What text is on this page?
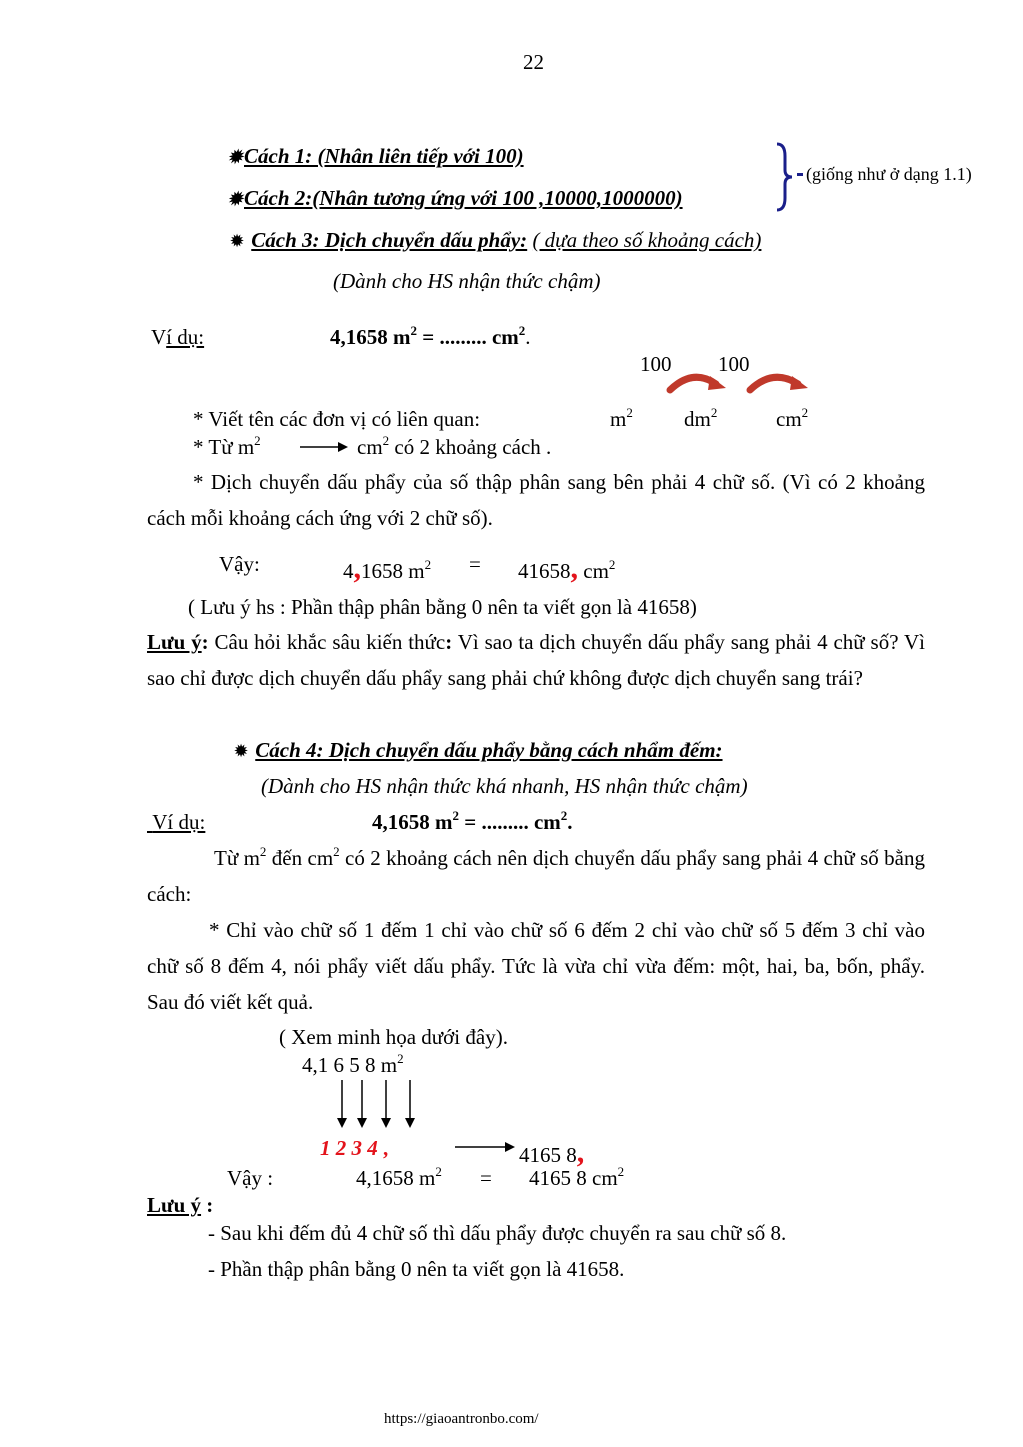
22
✹Cách 1: (Nhân liên tiếp với 100)
✹Cách 2:(Nhân tương ứng với 100 ,10000,1000000)
(giống như ở dạng 1.1)
✹ Cách 3: Dịch chuyển dấu phẩy: ( dựa theo số khoảng cách)
(Dành cho HS nhận thức chậm)
Ví dụ:	4,1658 $m^2$ = ......... $cm^2$.
100 100
* Viết tên các đơn vị có liên quan:	$m^2$ $dm^2$	$cm^2$
* Từ $m^2$	$cm^2$ có 2 khoảng cách .
* Dịch chuyển dấu phẩy của số thập phân sang bên phải 4 chữ số. (Vì có 2 khoảng cách mỗi khoảng cách ứng với 2 chữ số).
Vậy:	4,1658 $m^2 = 41658$, $cm^2$
( Lưu ý hs : Phần thập phân bằng 0 nên ta viết gọn là 41658)
Lưu ý: Câu hỏi khắc sâu kiến thức: Vì sao ta dịch chuyển dấu phẩy sang phải 4 chữ số? Vì sao chỉ được dịch chuyển dấu phẩy sang phải chứ không được dịch chuyển sang trái?
✹ Cách 4: Dịch chuyển dấu phẩy bằng cách nhẩm đếm:
(Dành cho HS nhận thức khá nhanh, HS nhận thức chậm)
Ví dụ:	4,1658 $m^2$ = ......... $cm^2$.
Từ $m^2$ đến $cm^2$ có 2 khoảng cách nên dịch chuyển dấu phẩy sang phải 4 chữ số bằng cách:
* Chỉ vào chữ số 1 đếm 1 chỉ vào chữ số 6 đếm 2 chỉ vào chữ số 5 đếm 3 chỉ vào chữ số 8 đếm 4, nói phẩy viết dấu phẩy. Tức là vừa chỉ vừa đếm: một, hai, ba, bốn, phẩy. Sau đó viết kết quả.
( Xem minh họa dưới đây).
4,1 6 5 8 $m^2$
1 2 3 4 ,	4165 8,
Vậy :	4,1658 $m^2 = 4165$ 8 $cm^2$
Lưu ý :
- Sau khi đếm đủ 4 chữ số thì dấu phẩy được chuyển ra sau chữ số 8.
- Phần thập phân bằng 0 nên ta viết gọn là 41658.
https://giaoantronbo.com/
